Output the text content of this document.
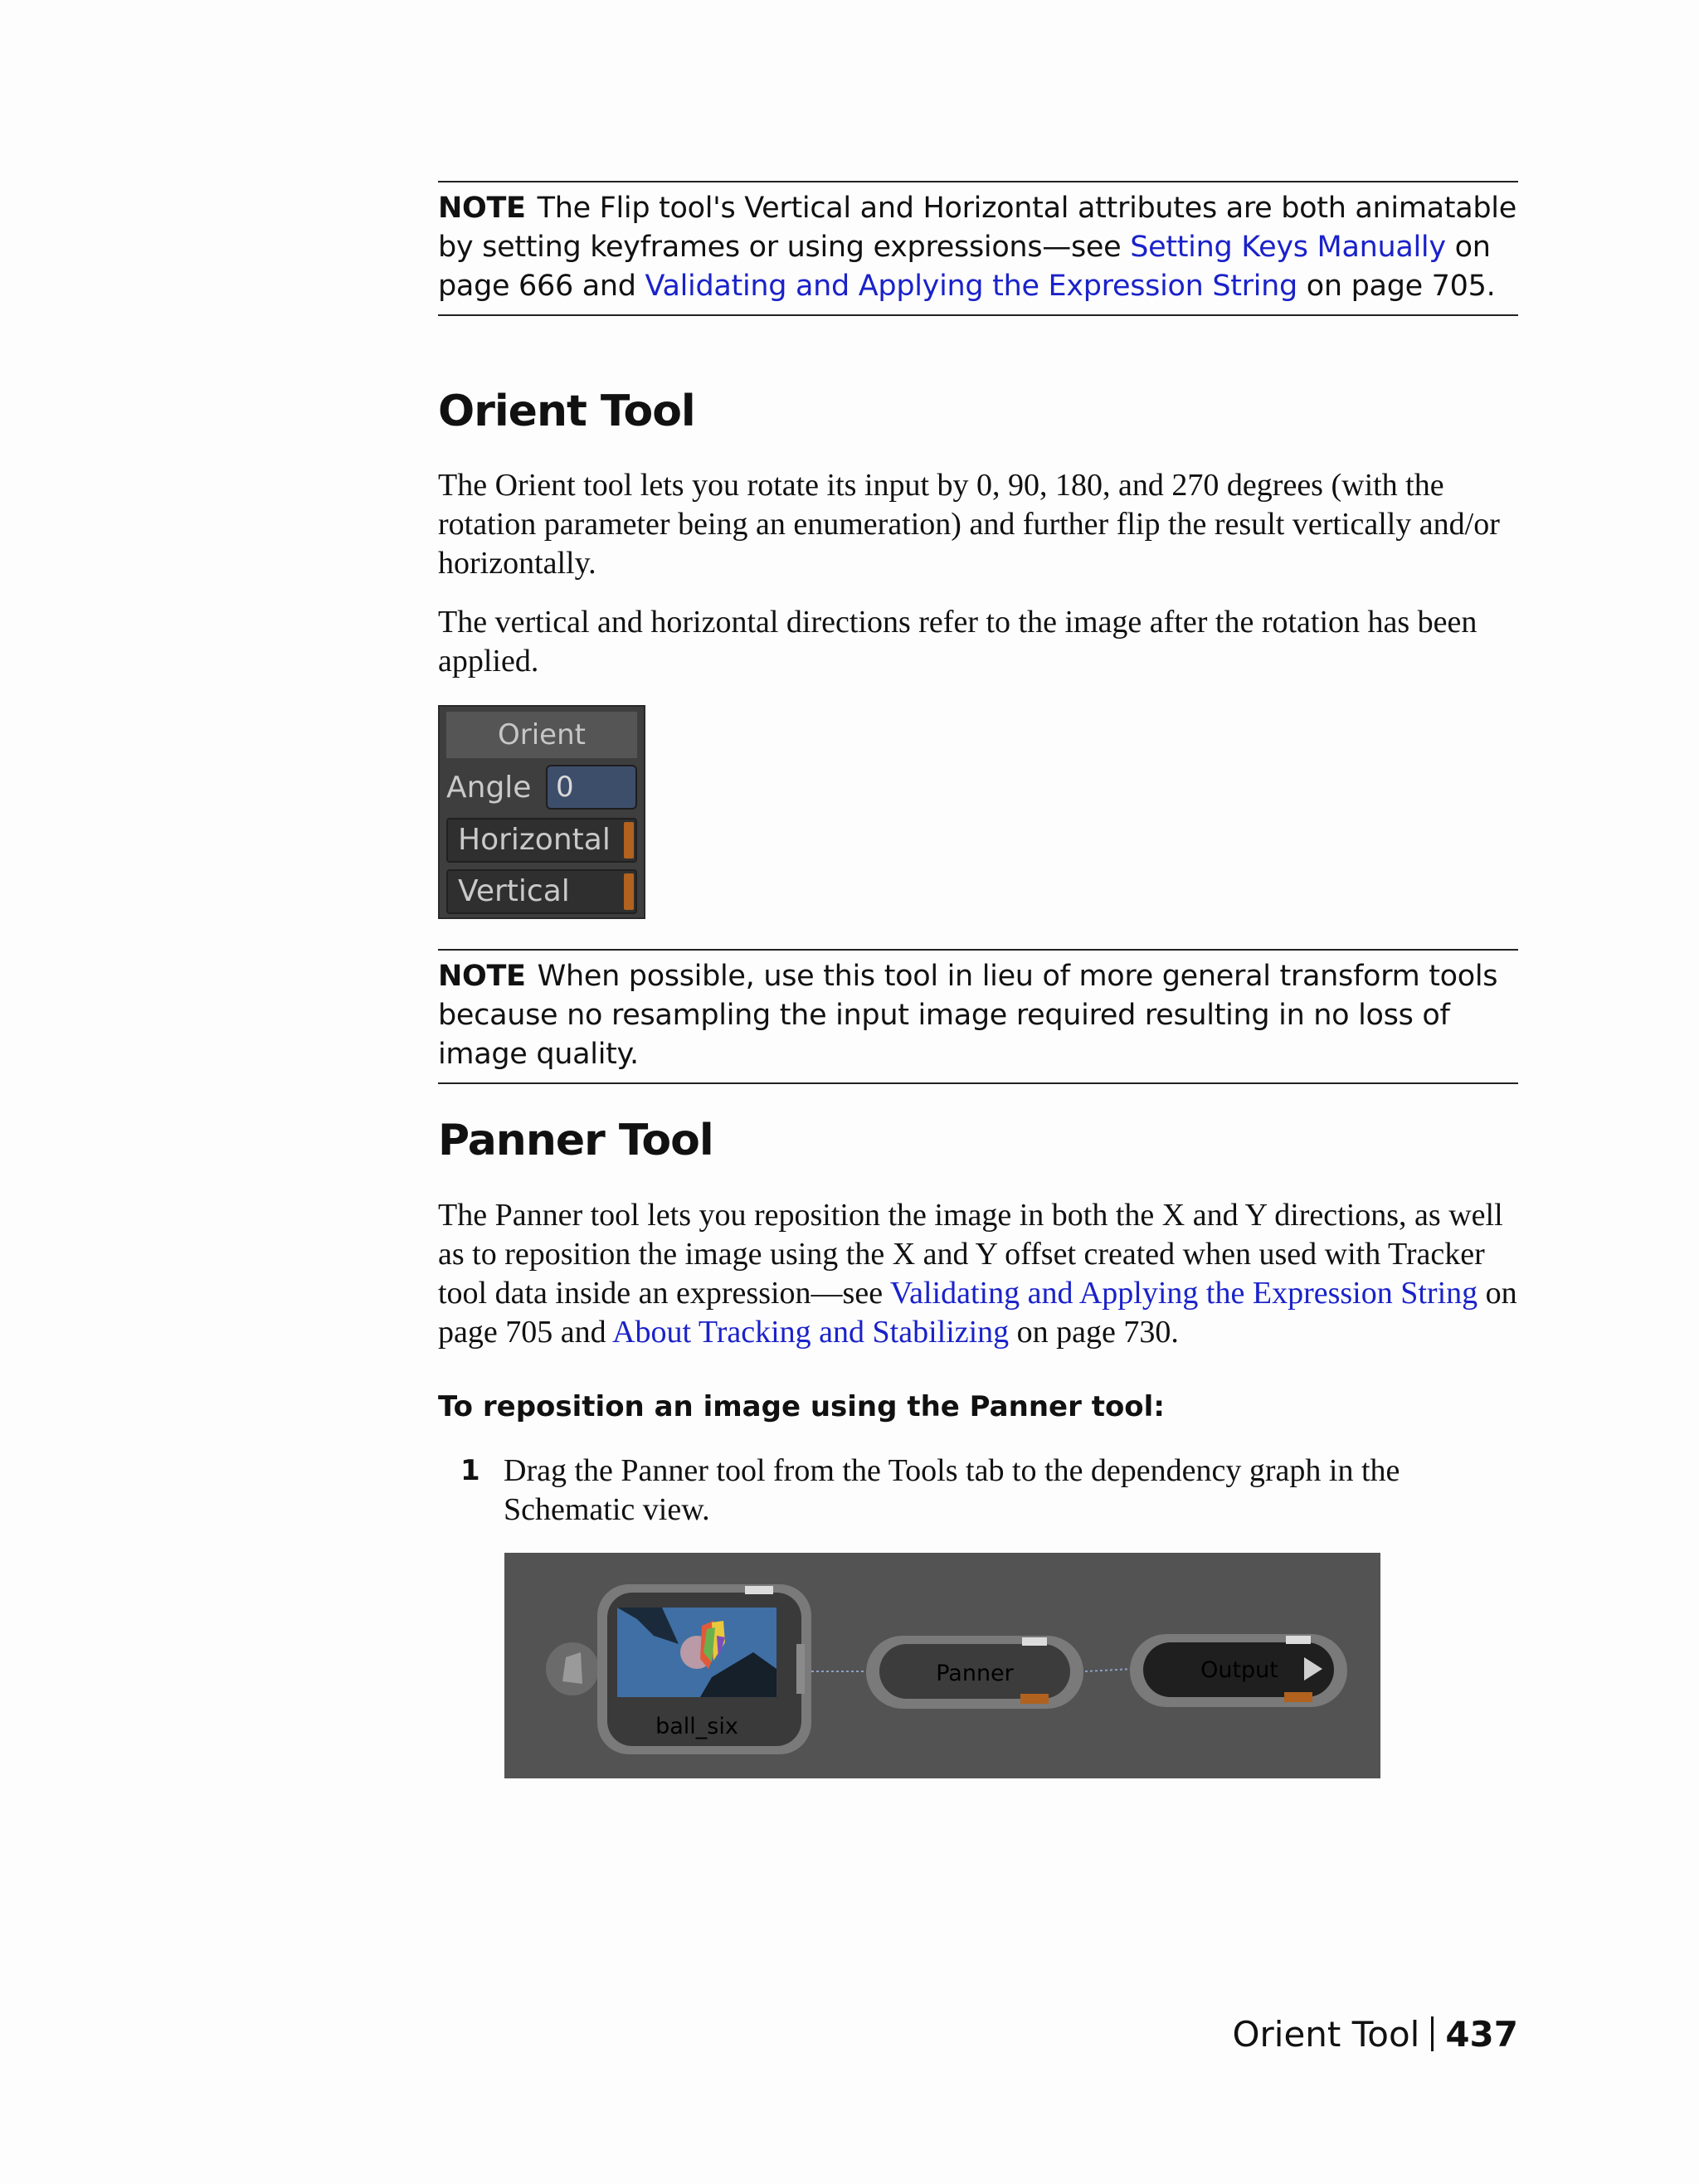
NOTE The Flip tool's Vertical and Horizontal attributes are both animatable by setting keyframes or using expressions—see Setting Keys Manually on page 666 and Validating and Applying the Expression String on page 705.
Orient Tool

The Orient tool lets you rotate its input by 0, 90, 180, and 270 degrees (with the rotation parameter being an enumeration) and further flip the result vertically and/or horizontally.

The vertical and horizontal directions refer to the image after the rotation has been applied.

Orient
Angle 0
Horizontal
Vertical
NOTE When possible, use this tool in lieu of more general transform tools because no resampling the input image required resulting in no loss of image quality.
Panner Tool

The Panner tool lets you reposition the image in both the X and Y directions, as well as to reposition the image using the X and Y offset created when used with Tracker tool data inside an expression—see Validating and Applying the Expression String on page 705 and About Tracking and Stabilizing on page 730.

To reposition an image using the Panner tool:

1 Drag the Panner tool from the Tools tab to the dependency graph in the Schematic view.
ball_six
Panner	Output
Orient Tool 437
